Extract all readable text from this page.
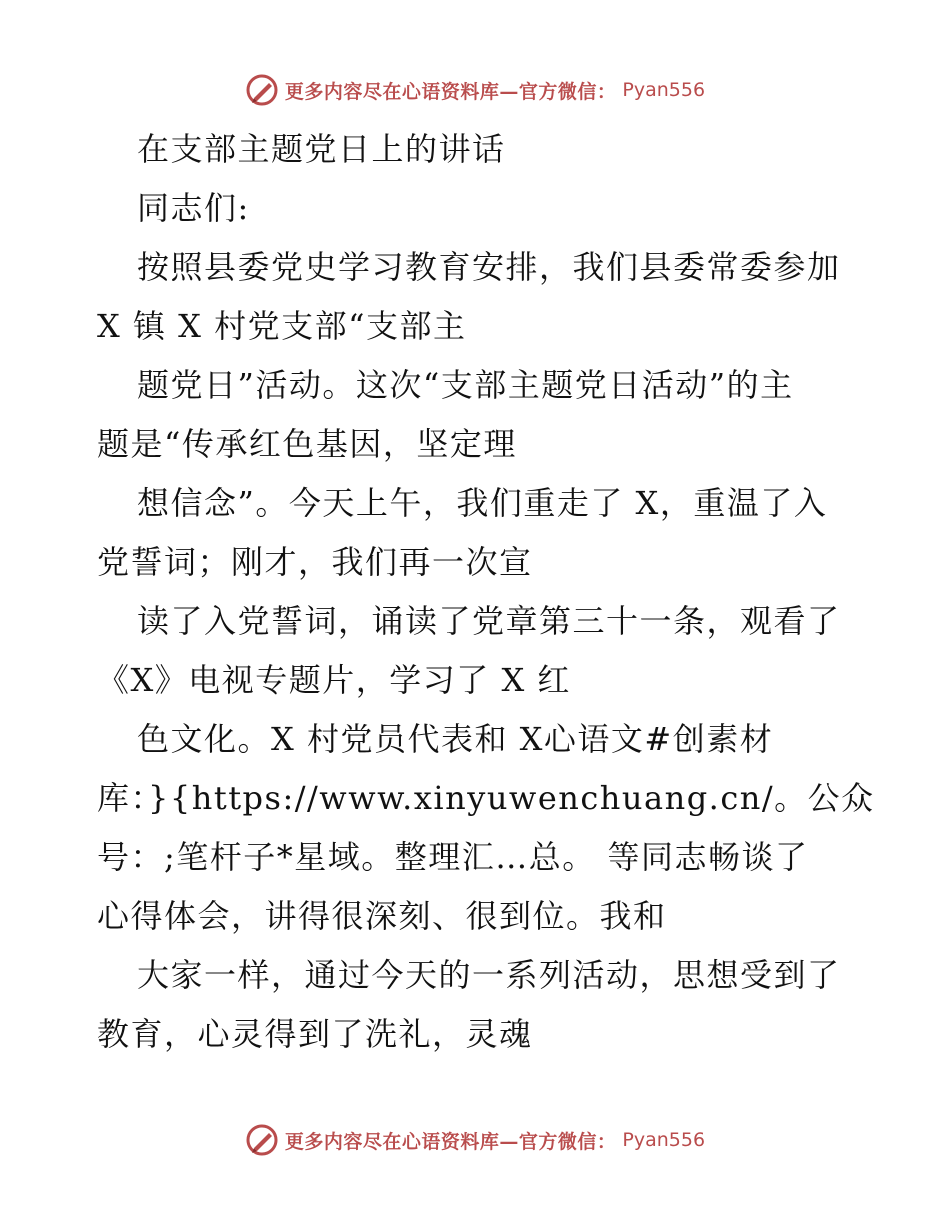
更多内容尽在心语资料库—官方微信： Pyan556
在支部主题党日上的讲话
同志们:
按照县委党史学习教育安排，我们县委常委参加
X 镇 X 村党支部“支部主
题党日”活动。这次“支部主题党日活动”的主
题是“传承红色基因，坚定理
想信念”。今天上午，我们重走了 X，重温了入
党誓词；刚才，我们再一次宣
读了入党誓词，诵读了党章第三十一条，观看了
《X》电视专题片，学习了 X 红
色文化。X 村党员代表和 X心语文#创素材
库：}{https://www.xinyuwenchuang.cn/。公众
号：;笔杆子*星域。整理汇…总。 等同志畅谈了
心得体会，讲得很深刻、很到位。我和
大家一样，通过今天的一系列活动，思想受到了
教育，心灵得到了洗礼，灵魂
更多内容尽在心语资料库—官方微信： Pyan556
